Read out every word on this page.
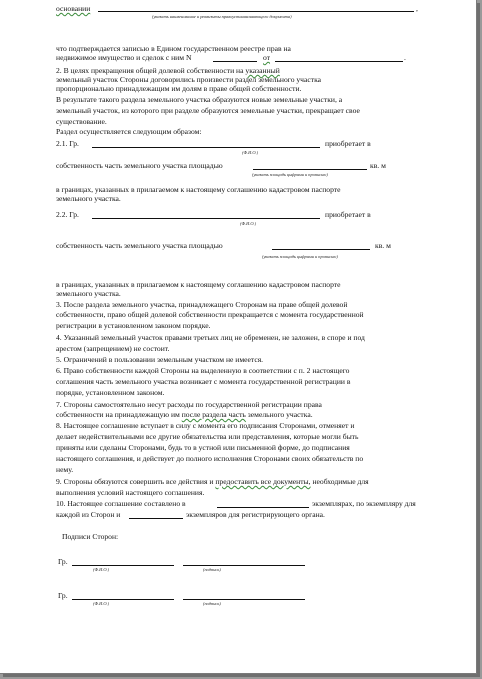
основании	,
(указать наименование и реквизиты правоустанавливающего документа)
что подтверждается записью в Едином государственном реестре прав на
недвижимое имущество и сделок с ним N	от	.
2. В целях прекращения общей долевой собственности на указанный
земельный участок Стороны договорились произвести раздел земельного участка
пропорционально принадлежащим им долям в праве общей собственности.
В результате такого раздела земельного участка образуются новые земельные участки, а
земельный участок, из которого при разделе образуются земельные участки, прекращает свое
существование.
Раздел осуществляется следующим образом:
2.1. Гр.	приобретает в
(Ф.И.О.)
собственность часть земельного участка площадью	кв. м
(указать площадь цифрами и прописью)
в границах, указанных в прилагаемом к настоящему соглашению кадастровом паспорте
земельного участка.
2.2. Гр.	приобретает в
(Ф.И.О.)
собственность часть земельного участка площадью	кв. м
(указать площадь цифрами и прописью)
в границах, указанных в прилагаемом к настоящему соглашению кадастровом паспорте
земельного участка.
3. После раздела земельного участка, принадлежащего Сторонам на праве общей долевой
собственности, право общей долевой собственности прекращается с момента государственной
регистрации в установленном законом порядке.
4. Указанный земельный участок правами третьих лиц не обременен, не заложен, в споре и под
арестом (запрещением) не состоит.
5. Ограничений в пользовании земельным участком не имеется.
6. Право собственности каждой Стороны на выделенную в соответствии с п. 2 настоящего
соглашения часть земельного участка возникает с момента государственной регистрации в
порядке, установленном законом.
7. Стороны самостоятельно несут расходы по государственной регистрации права
собственности на принадлежащую им после раздела часть земельного участка.
8. Настоящее соглашение вступает в силу с момента его подписания Сторонами, отменяет и
делает недействительными все другие обязательства или представления, которые могли быть
приняты или сделаны Сторонами, будь то в устной или письменной форме, до подписания
настоящего соглашения, и действует до полного исполнения Сторонами своих обязательств по
нему.
9. Стороны обязуются совершить все действия и предоставить все документы, необходимые для
выполнения условий настоящего соглашения.
10. Настоящее соглашение составлено в	экземплярах, по экземпляру для
каждой из Сторон и	экземпляров для регистрирующего органа.
Подписи Сторон:
Гр.
(Ф.И.О.)	(подпись)
Гр.
(Ф.И.О.)	(подпись)
